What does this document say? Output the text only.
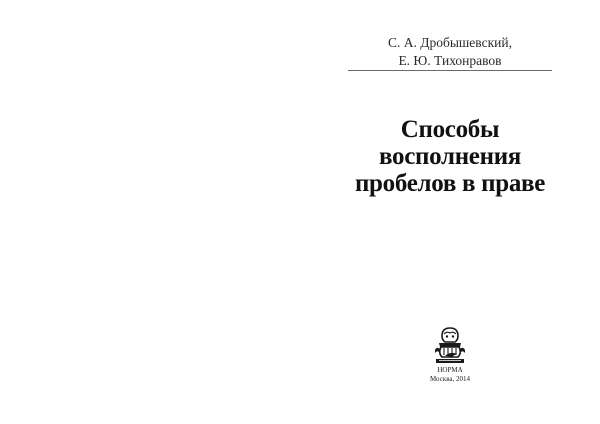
С. А. Дробышевский,
Е. Ю. Тихонравов
Способы
восполнения
пробелов в праве
НОРМА
Москва, 2014
